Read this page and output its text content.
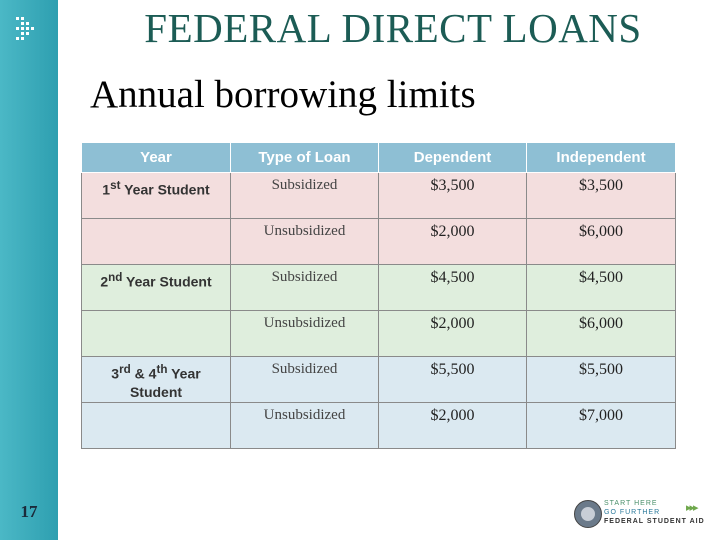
17
FEDERAL DIRECT LOANS
Annual borrowing limits
Year	Type of Loan	Dependent	Independent
1st Year Student	Subsidized	$3,500	$3,500
	Unsubsidized	$2,000	$6,000
2nd Year Student	Subsidized	$4,500	$4,500
	Unsubsidized	$2,000	$6,000
3rd & 4th Year Student	Subsidized	$5,500	$5,500
	Unsubsidized	$2,000	$7,000
START HERE
GO FURTHER
FEDERAL STUDENT AID
▸▸▸
